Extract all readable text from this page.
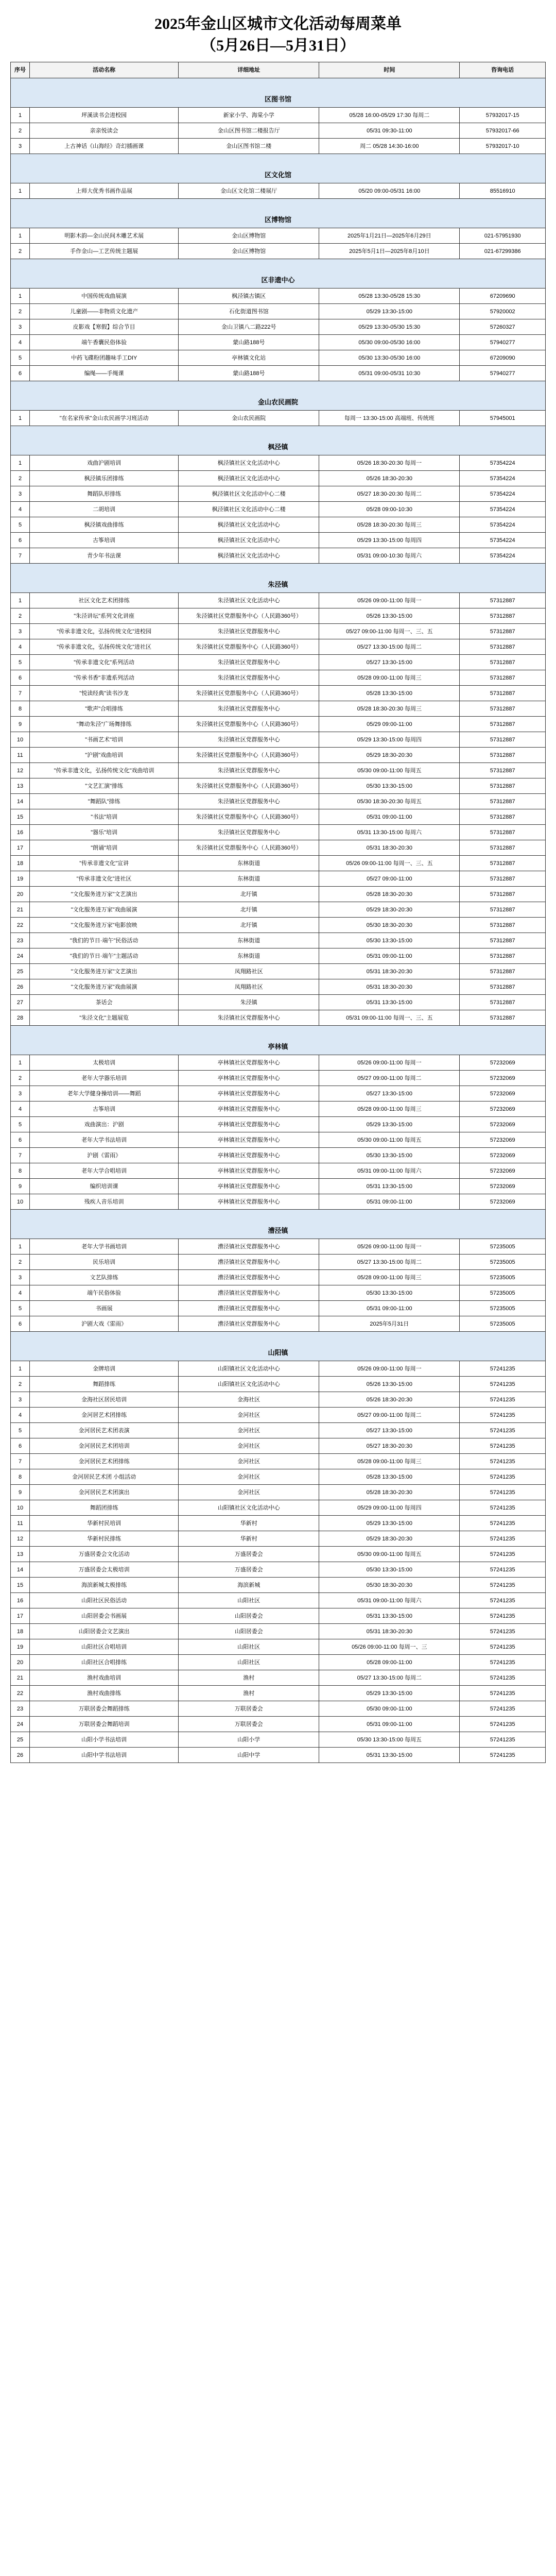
2025年金山区城市文化活动每周菜单
（5月26日—5月31日）
序号	活动名称	详细地址	时间	咨询电话
区图书馆				
1	坪溪读书会进校园	新家小学、海棠小学	05/28 16:00-05/29 17:30 每周二	57932017-15
2	亲亲悦读会	金山区图书馆二楼报告厅	05/31 09:30-11:00	57932017-66
3	上古神话《山海经》奇幻插画课	金山区图书馆二楼	周二 05/28 14:30-16:00	57932017-10
区文化馆				
1	上师大优秀书画作品展	金山区文化馆二楼展厅	05/20 09:00-05/31 16:00	85516910
区博物馆				
1	明影木韵—金山民间木雕艺术展	金山区博物馆	2025年1月21日—2025年6月29日	021-57951930
2	手作金山—工艺传统主题展	金山区博物馆	2025年5月1日—2025年8月10日	021-67299386
区非遗中心				
1	中国传统戏曲展演	枫泾镇古镇区	05/28 13:30-05/28 15:30	67209690
2	儿童剧——非物质文化遗产	石化街道图书馆	05/29 13:30-15:00	57920002
3	皮影戏【寒假】综合节目	金山卫镇八二路222号	05/29 13:30-05/30 15:30	57260327
4	端午香囊民俗体验	蒙山路188号	05/30 09:00-05/30 16:00	57940277
5	中药飞碟粉团趣味手工DIY	亭林镇文化站	05/30 13:30-05/30 16:00	67209090
6	编绳——手绳课	蒙山路188号	05/31 09:00-05/31 10:30	57940277
金山农民画院				
1	"在名家传承"金山农民画学习班活动	金山农民画院	每周一 13:30-15:00 高端班、传统班	57945001
枫泾镇				
1	戏曲沪剧培训	枫泾镇社区文化活动中心	05/26 18:30-20:30 每周一	57354224
2	枫泾镇乐团排练	枫泾镇社区文化活动中心	05/26 18:30-20:30	57354224
3	舞蹈队形排练	枫泾镇社区文化活动中心二楼	05/27 18:30-20:30 每周二	57354224
4	二胡培训	枫泾镇社区文化活动中心二楼	05/28 09:00-10:30	57354224
5	枫泾镇戏曲排练	枫泾镇社区文化活动中心	05/28 18:30-20:30 每周三	57354224
6	古筝培训	枫泾镇社区文化活动中心	05/29 13:30-15:00 每周四	57354224
7	青少年书法课	枫泾镇社区文化活动中心	05/31 09:00-10:30 每周六	57354224
朱泾镇				
1	社区文化艺术团排练	朱泾镇社区文化活动中心	05/26 09:00-11:00 每周一	57312887
2	"朱泾讲坛"系列文化讲座	朱泾镇社区党群服务中心（人民路360号）	05/26 13:30-15:00	57312887
3	"传承非遗文化，弘扬传统文化"进校园	朱泾镇社区党群服务中心	05/27 09:00-11:00 每周一、三、五	57312887
4	"传承非遗文化，弘扬传统文化"进社区	朱泾镇社区党群服务中心（人民路360号）	05/27 13:30-15:00 每周二	57312887
5	"传承非遗文化"系列活动	朱泾镇社区党群服务中心	05/27 13:30-15:00	57312887
6	"传承书香"非遗系列活动	朱泾镇社区党群服务中心	05/28 09:00-11:00 每周三	57312887
7	"悦读经典"读书沙龙	朱泾镇社区党群服务中心（人民路360号）	05/28 13:30-15:00	57312887
8	"歌声"合唱排练	朱泾镇社区党群服务中心	05/28 18:30-20:30 每周三	57312887
9	"舞动朱泾"广场舞排练	朱泾镇社区党群服务中心（人民路360号）	05/29 09:00-11:00	57312887
10	"书画艺术"培训	朱泾镇社区党群服务中心	05/29 13:30-15:00 每周四	57312887
11	"沪剧"戏曲培训	朱泾镇社区党群服务中心（人民路360号）	05/29 18:30-20:30	57312887
12	"传承非遗文化，弘扬传统文化"戏曲培训	朱泾镇社区党群服务中心	05/30 09:00-11:00 每周五	57312887
13	"文艺汇演"排练	朱泾镇社区党群服务中心（人民路360号）	05/30 13:30-15:00	57312887
14	"舞蹈队"排练	朱泾镇社区党群服务中心	05/30 18:30-20:30 每周五	57312887
15	"书法"培训	朱泾镇社区党群服务中心（人民路360号）	05/31 09:00-11:00	57312887
16	"器乐"培训	朱泾镇社区党群服务中心	05/31 13:30-15:00 每周六	57312887
17	"朗诵"培训	朱泾镇社区党群服务中心（人民路360号）	05/31 18:30-20:30	57312887
18	"传承非遗文化"宣讲	东林街道	05/26 09:00-11:00 每周一、三、五	57312887
19	"传承非遗文化"进社区	东林街道	05/27 09:00-11:00	57312887
20	"文化服务进万家"文艺演出	北圩镇	05/28 18:30-20:30	57312887
21	"文化服务进万家"戏曲展演	北圩镇	05/29 18:30-20:30	57312887
22	"文化服务进万家"电影放映	北圩镇	05/30 18:30-20:30	57312887
23	"我们的节日·端午"民俗活动	东林街道	05/30 13:30-15:00	57312887
24	"我们的节日·端午"主题活动	东林街道	05/31 09:00-11:00	57312887
25	"文化服务进万家"文艺演出	凤翔路社区	05/31 18:30-20:30	57312887
26	"文化服务进万家"戏曲展演	凤翔路社区	05/31 18:30-20:30	57312887
27	茶话会	朱泾镇	05/31 13:30-15:00	57312887
28	"朱泾文化"主题展览	朱泾镇社区党群服务中心	05/31 09:00-11:00 每周一、三、五	57312887
亭林镇				
1	太极培训	亭林镇社区党群服务中心	05/26 09:00-11:00 每周一	57232069
2	老年大学器乐培训	亭林镇社区党群服务中心	05/27 09:00-11:00 每周二	57232069
3	老年大学健身操培训——舞蹈	亭林镇社区党群服务中心	05/27 13:30-15:00	57232069
4	古筝培训	亭林镇社区党群服务中心	05/28 09:00-11:00 每周三	57232069
5	戏曲演出：沪剧	亭林镇社区党群服务中心	05/29 13:30-15:00	57232069
6	老年大学书法培训	亭林镇社区党群服务中心	05/30 09:00-11:00 每周五	57232069
7	沪剧《雷雨》	亭林镇社区党群服务中心	05/30 13:30-15:00	57232069
8	老年大学合唱培训	亭林镇社区党群服务中心	05/31 09:00-11:00 每周六	57232069
9	编织培训课	亭林镇社区党群服务中心	05/31 13:30-15:00	57232069
10	残疾人音乐培训	亭林镇社区党群服务中心	05/31 09:00-11:00	57232069
漕泾镇				
1	老年大学书画培训	漕泾镇社区党群服务中心	05/26 09:00-11:00 每周一	57235005
2	民乐培训	漕泾镇社区党群服务中心	05/27 13:30-15:00 每周二	57235005
3	文艺队排练	漕泾镇社区党群服务中心	05/28 09:00-11:00 每周三	57235005
4	端午民俗体验	漕泾镇社区党群服务中心	05/30 13:30-15:00	57235005
5	书画展	漕泾镇社区党群服务中心	05/31 09:00-11:00	57235005
6	沪剧大戏《雷雨》	漕泾镇社区党群服务中心	2025年5月31日	57235005
山阳镇				
1	金牌培训	山阳镇社区文化活动中心	05/26 09:00-11:00 每周一	57241235
2	舞蹈排练	山阳镇社区文化活动中心	05/26 13:30-15:00	57241235
3	金海社区居民培训	金海社区	05/26 18:30-20:30	57241235
4	金河居艺术团排练	金河社区	05/27 09:00-11:00 每周二	57241235
5	金河居民艺术团表演	金河社区	05/27 13:30-15:00	57241235
6	金河居民艺术团培训	金河社区	05/27 18:30-20:30	57241235
7	金河居民艺术团排练	金河社区	05/28 09:00-11:00 每周三	57241235
8	金河居民艺术团 小组活动	金河社区	05/28 13:30-15:00	57241235
9	金河居民艺术团演出	金河社区	05/28 18:30-20:30	57241235
10	舞蹈团排练	山阳镇社区文化活动中心	05/29 09:00-11:00 每周四	57241235
11	华新村民培训	华新村	05/29 13:30-15:00	57241235
12	华新村民排练	华新村	05/29 18:30-20:30	57241235
13	万盛居委会文化活动	万盛居委会	05/30 09:00-11:00 每周五	57241235
14	万盛居委会太极培训	万盛居委会	05/30 13:30-15:00	57241235
15	海滨新城太极排练	海滨新城	05/30 18:30-20:30	57241235
16	山阳社区民俗活动	山阳社区	05/31 09:00-11:00 每周六	57241235
17	山阳居委会书画展	山阳居委会	05/31 13:30-15:00	57241235
18	山阳居委会文艺演出	山阳居委会	05/31 18:30-20:30	57241235
19	山阳社区合唱培训	山阳社区	05/26 09:00-11:00 每周一、三	57241235
20	山阳社区合唱排练	山阳社区	05/28 09:00-11:00	57241235
21	渔村戏曲培训	渔村	05/27 13:30-15:00 每周二	57241235
22	渔村戏曲排练	渔村	05/29 13:30-15:00	57241235
23	万联居委会舞蹈排练	万联居委会	05/30 09:00-11:00	57241235
24	万联居委会舞蹈培训	万联居委会	05/31 09:00-11:00	57241235
25	山阳小学书法培训	山阳小学	05/30 13:30-15:00 每周五	57241235
26	山阳中学书法培训	山阳中学	05/31 13:30-15:00	57241235
